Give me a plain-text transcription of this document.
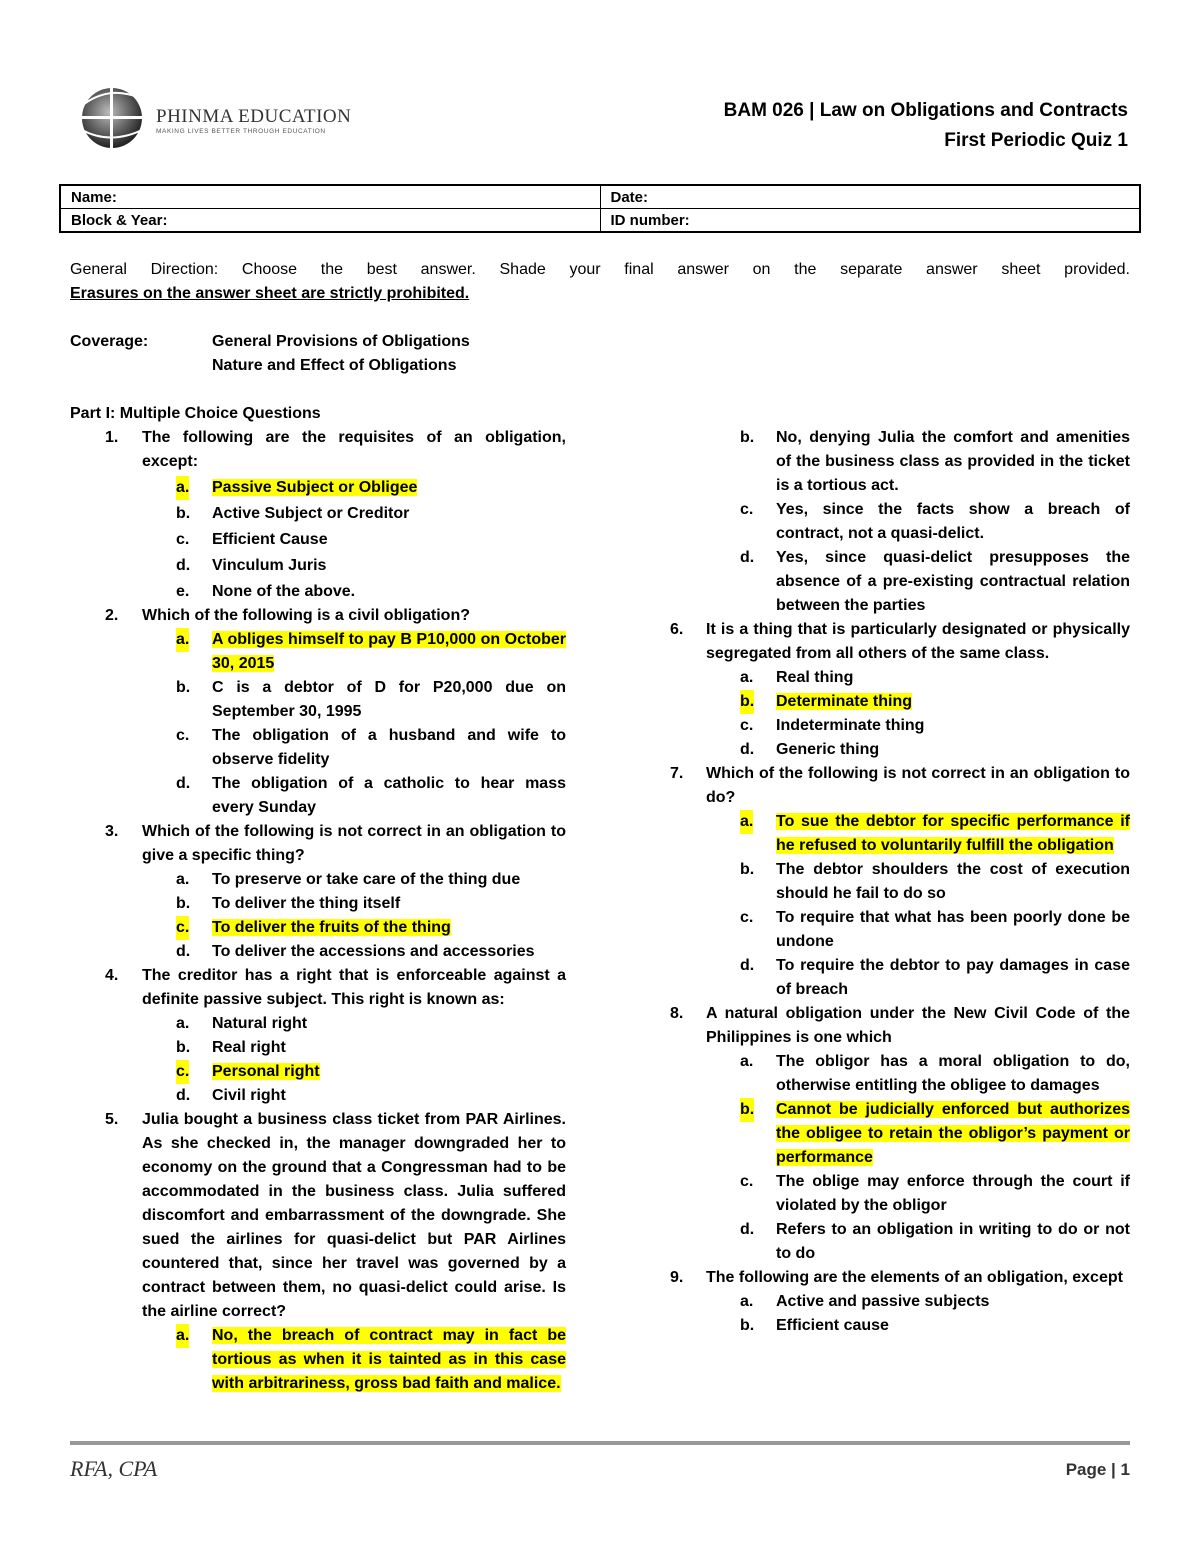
PHINMA EDUCATION
MAKING LIVES BETTER THROUGH EDUCATION
BAM 026 | Law on Obligations and Contracts
First Periodic Quiz 1
Name:	Date:
Block & Year:	ID number:
General Direction: Choose the best answer. Shade your final answer on the separate answer sheet provided.
Erasures on the answer sheet are strictly prohibited.
Coverage:	General Provisions of Obligations
Nature and Effect of Obligations
Part I: Multiple Choice Questions
1. The following are the requisites of an obligation, except:
a. Passive Subject or Obligee
b. Active Subject or Creditor
c. Efficient Cause
d. Vinculum Juris
e. None of the above.
2. Which of the following is a civil obligation?
a. A obliges himself to pay B P10,000 on October 30, 2015
b. C is a debtor of D for P20,000 due on September 30, 1995
c. The obligation of a husband and wife to observe fidelity
d. The obligation of a catholic to hear mass every Sunday
3. Which of the following is not correct in an obligation to give a specific thing?
a. To preserve or take care of the thing due
b. To deliver the thing itself
c. To deliver the fruits of the thing
d. To deliver the accessions and accessories
4. The creditor has a right that is enforceable against a definite passive subject. This right is known as:
a. Natural right
b. Real right
c. Personal right
d. Civil right
5. Julia bought a business class ticket from PAR Airlines. As she checked in, the manager downgraded her to economy on the ground that a Congressman had to be accommodated in the business class. Julia suffered discomfort and embarrassment of the downgrade. She sued the airlines for quasi-delict but PAR Airlines countered that, since her travel was governed by a contract between them, no quasi-delict could arise. Is the airline correct?
a. No, the breach of contract may in fact be tortious as when it is tainted as in this case with arbitrariness, gross bad faith and malice.
b. No, denying Julia the comfort and amenities of the business class as provided in the ticket is a tortious act.
c. Yes, since the facts show a breach of contract, not a quasi-delict.
d. Yes, since quasi-delict presupposes the absence of a pre-existing contractual relation between the parties
6. It is a thing that is particularly designated or physically segregated from all others of the same class.
a. Real thing
b. Determinate thing
c. Indeterminate thing
d. Generic thing
7. Which of the following is not correct in an obligation to do?
a. To sue the debtor for specific performance if he refused to voluntarily fulfill the obligation
b. The debtor shoulders the cost of execution should he fail to do so
c. To require that what has been poorly done be undone
d. To require the debtor to pay damages in case of breach
8. A natural obligation under the New Civil Code of the Philippines is one which
a. The obligor has a moral obligation to do, otherwise entitling the obligee to damages
b. Cannot be judicially enforced but authorizes the obligee to retain the obligor’s payment or performance
c. The oblige may enforce through the court if violated by the obligor
d. Refers to an obligation in writing to do or not to do
9. The following are the elements of an obligation, except
a. Active and passive subjects
b. Efficient cause
RFA, CPA	Page | 1
